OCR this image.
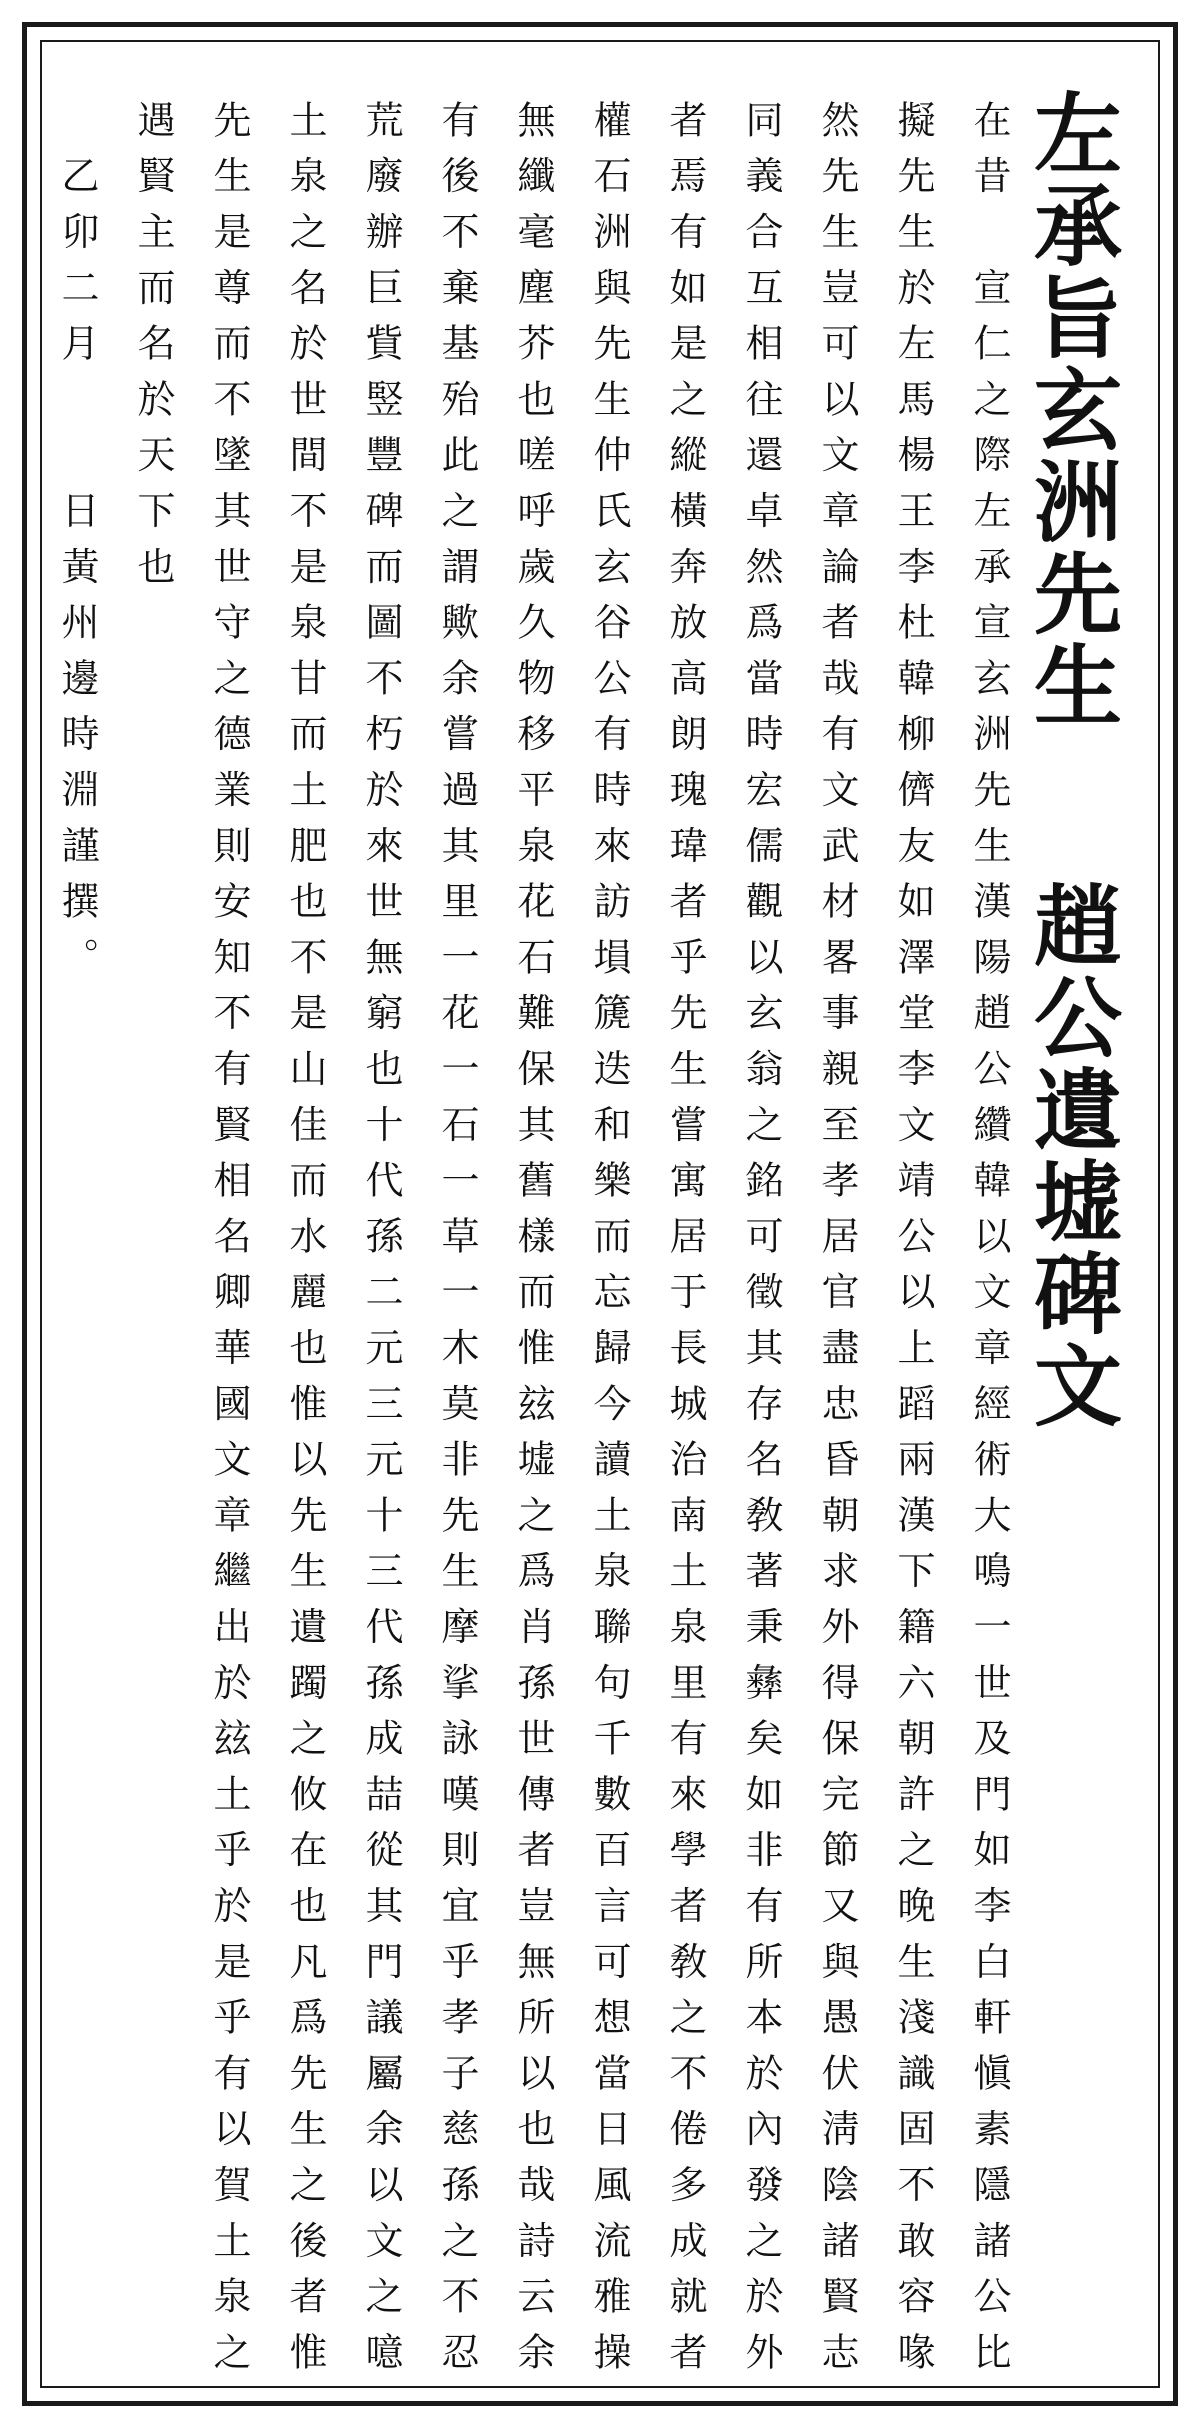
左承旨玄洲先生
趙公遺墟碑文
在昔　宣仁之際左承宣玄洲先生漢陽趙公纘韓以文章經術大鳴一世及門如李白軒愼素隱諸公比
擬先生於左馬楊王李杜韓柳儕友如澤堂李文靖公以上蹈兩漢下籍六朝許之晚生淺識固不敢容喙
然先生豈可以文章論者哉有文武材畧事親至孝居官盡忠昏朝求外得保完節又與愚伏淸陰諸賢志
同義合互相往還卓然爲當時宏儒觀以玄翁之銘可徵其存名敎著秉彝矣如非有所本於內發之於外
者焉有如是之縱橫奔放高朗瑰瑋者乎先生嘗寓居于長城治南土泉里有來學者敎之不倦多成就者
權石洲與先生仲氏玄谷公有時來訪塤篪迭和樂而忘歸今讀土泉聯句千數百言可想當日風流雅操
無纖毫塵芥也嗟呼歲久物移平泉花石難保其舊樣而惟玆墟之爲肖孫世傳者豈無所以也哉詩云余
有後不棄基殆此之謂歟余嘗過其里一花一石一草一木莫非先生摩挲詠嘆則宜乎孝子慈孫之不忍
荒廢辦巨貲竪豐碑而圖不朽於來世無窮也十代孫二元三元十三代孫成喆從其門議屬余以文之噫
土泉之名於世間不是泉甘而土肥也不是山佳而水麗也惟以先生遺躅之攸在也凡爲先生之後者惟
先生是尊而不墜其世守之德業則安知不有賢相名卿華國文章繼出於玆土乎於是乎有以賀土泉之
遇賢主而名於天下也
　乙卯二月　　日黃州邊時淵謹撰。
